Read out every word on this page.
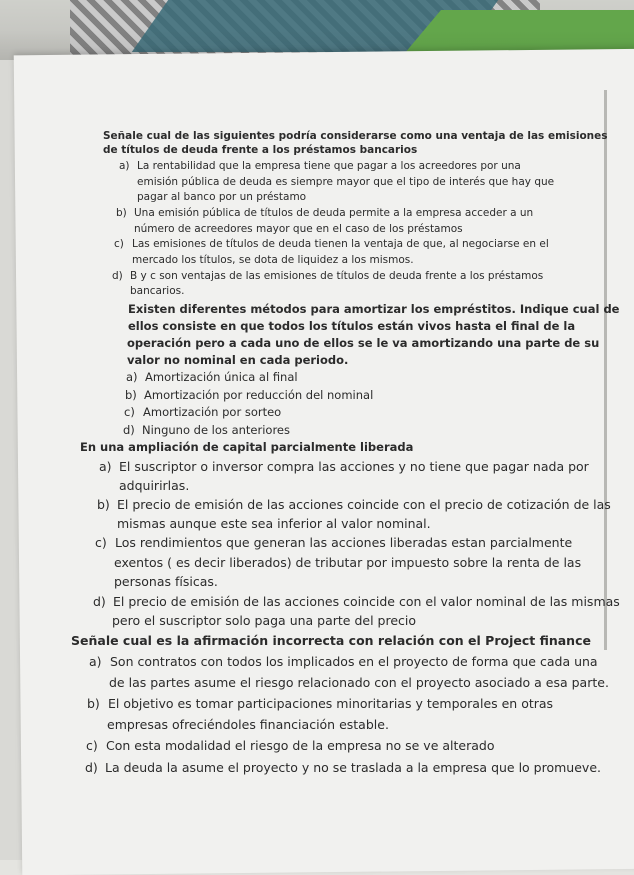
Señale cual de las siguientes podría considerarse como una ventaja de las emisiones
de títulos de deuda frente a los préstamos bancarios
a) La rentabilidad que la empresa tiene que pagar a los acreedores por una
emisión pública de deuda es siempre mayor que el tipo de interés que hay que
pagar al banco por un préstamo
b) Una emisión pública de títulos de deuda permite a la empresa acceder a un
número de acreedores mayor que en el caso de los préstamos
c) Las emisiones de títulos de deuda tienen la ventaja de que, al negociarse en el
mercado los títulos, se dota de liquidez a los mismos.
d) B y c son ventajas de las emisiones de títulos de deuda frente a los préstamos
bancarios.
Existen diferentes métodos para amortizar los empréstitos. Indique cual de
ellos consiste en que todos los títulos están vivos hasta el final de la
operación pero a cada uno de ellos se le va amortizando una parte de su
valor no nominal en cada periodo.
a) Amortización única al final
b) Amortización por reducción del nominal
c) Amortización por sorteo
d) Ninguno de los anteriores
En una ampliación de capital parcialmente liberada
a) El suscriptor o inversor compra las acciones y no tiene que pagar nada por
adquirirlas.
b) El precio de emisión de las acciones coincide con el precio de cotización de las
mismas aunque este sea inferior al valor nominal.
c) Los rendimientos que generan las acciones liberadas estan parcialmente
exentos ( es decir liberados) de tributar por impuesto sobre la renta de las
personas físicas.
d) El precio de emisión de las acciones coincide con el valor nominal de las mismas
pero el suscriptor solo paga una parte del precio
Señale cual es la afirmación incorrecta con relación con el Project finance
a) Son contratos con todos los implicados en el proyecto de forma que cada una
de las partes asume el riesgo relacionado con el proyecto asociado a esa parte.
b) El objetivo es tomar participaciones minoritarias y temporales en otras
empresas ofreciéndoles financiación estable.
c) Con esta modalidad el riesgo de la empresa no se ve alterado
d) La deuda la asume el proyecto y no se traslada a la empresa que lo promueve.
